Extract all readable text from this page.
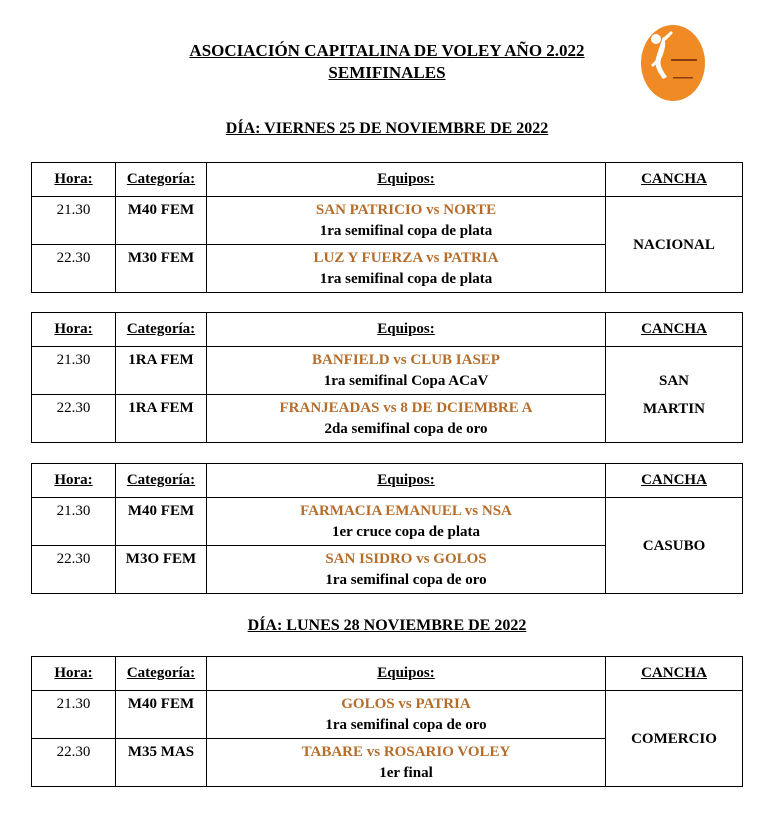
ASOCIACIÓN CAPITALINA DE VOLEY AÑO 2.022
SEMIFINALES
DÍA: VIERNES 25 DE NOVIEMBRE DE 2022
Hora:	Categoría:	Equipos:	CANCHA
21.30	M40 FEM	SAN PATRICIO vs NORTE
1ra semifinal copa de plata	NACIONAL
22.30	M30 FEM	LUZ Y FUERZA vs PATRIA
1ra semifinal copa de plata	
Hora:	Categoría:	Equipos:	CANCHA
21.30	1RA FEM	BANFIELD vs CLUB IASEP
1ra semifinal Copa ACaV	SAN MARTIN
22.30	1RA FEM	FRANJEADAS vs 8 DE DCIEMBRE A
2da semifinal copa de oro	
Hora:	Categoría:	Equipos:	CANCHA
21.30	M40 FEM	FARMACIA EMANUEL vs NSA
1er cruce copa de plata	CASUBO
22.30	M3O FEM	SAN ISIDRO vs GOLOS
1ra semifinal copa de oro	
DÍA: LUNES 28 NOVIEMBRE DE 2022
Hora:	Categoría:	Equipos:	CANCHA
21.30	M40 FEM	GOLOS vs PATRIA
1ra semifinal copa de oro	COMERCIO
22.30	M35 MAS	TABARE vs ROSARIO VOLEY
1er final	
